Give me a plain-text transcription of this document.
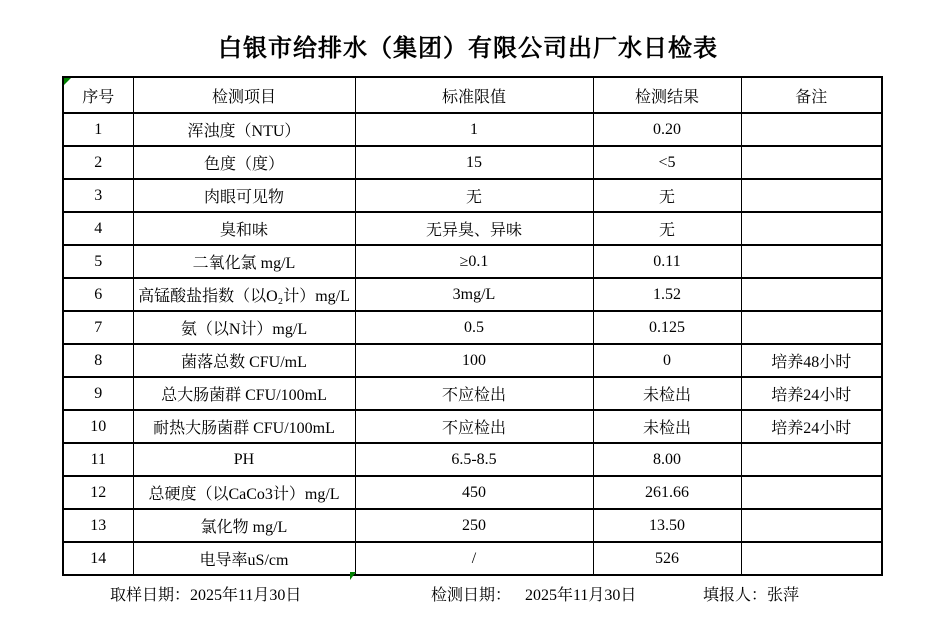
白银市给排水（集团）有限公司出厂水日检表
序号	检测项目	标准限值	检测结果	备注
1	浑浊度（NTU）	1	0.20	
2	色度（度）	15	<5	
3	肉眼可见物	无	无	
4	臭和味	无异臭、异味	无	
5	二氧化氯 mg/L	≥0.1	0.11	
6	高锰酸盐指数（以O₂计）mg/L	3mg/L	1.52	
7	氨（以N计）mg/L	0.5	0.125	
8	菌落总数 CFU/mL	100	0	培养48小时
9	总大肠菌群 CFU/100mL	不应检出	未检出	培养24小时
10	耐热大肠菌群 CFU/100mL	不应检出	未检出	培养24小时
11	PH	6.5-8.5	8.00	
12	总硬度（以CaCo3计）mg/L	450	261.66	
13	氯化物 mg/L	250	13.50	
14	电导率uS/cm	/	526	
取样日期：2025年11月30日	检测日期： 2025年11月30日	填报人：张萍
